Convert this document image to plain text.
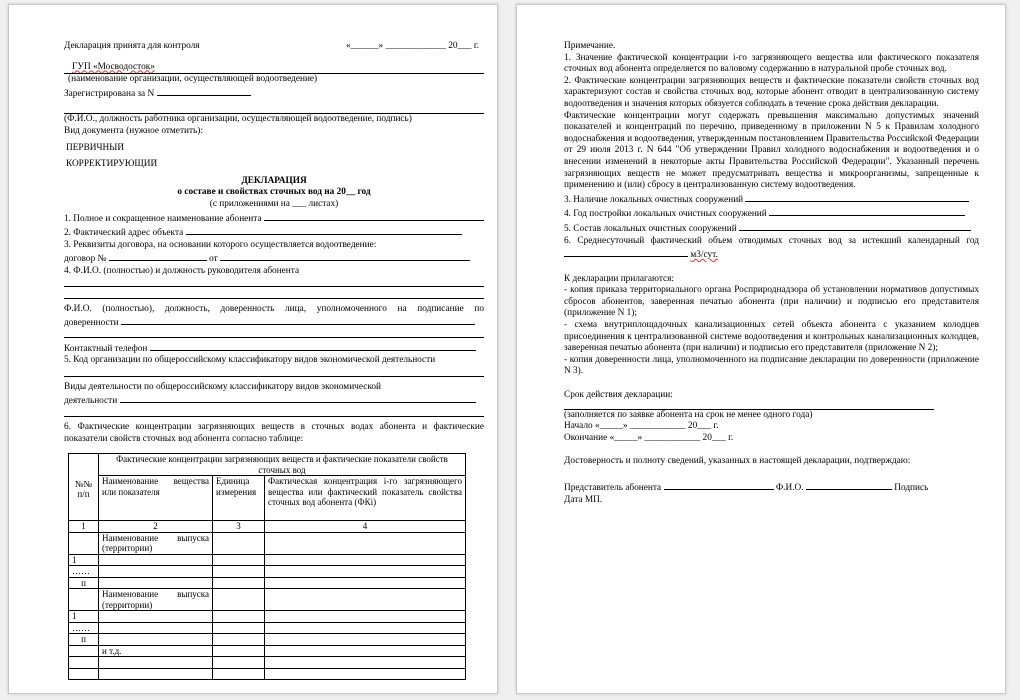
Декларация принята для контроля	«______» _____________ 20___ г.
ГУП «Мосводосток»
(наименование организации, осуществляющей водоотведение)
Зарегистрирована за N
(Ф.И.О., должность работника организации, осуществляющей водоотведение, подпись)
Вид документа (нужное отметить):
ПЕРВИЧНЫЙ
КОРРЕКТИРУЮЩИЙ
ДЕКЛАРАЦИЯ
о составе и свойствах сточных вод на 20__ год
(с приложениями на ___ листах)
1. Полное и сокращенное наименование абонента
2. Фактический адрес объекта
3. Реквизиты договора, на основании которого осуществляется водоотведение:
договор №	от
4. Ф.И.О. (полностью) и должность руководителя абонента
Ф.И.О. (полностью), должность, доверенность лица, уполномоченного на подписание по
доверенности
Контактный телефон
5. Код организации по общероссийскому классификатору видов экономической деятельности
Виды деятельности по общероссийскому классификатору видов экономической
деятельности
6. Фактические концентрации загрязняющих веществ в сточных водах абонента и фактические
показатели свойств сточных вод абонента согласно таблице:
№№ п/п	Фактические концентрации загрязняющих веществ и фактические показатели свойств сточных вод		
	Наименование вещества или показателя	Единица измерения	Фактическая концентрация i-го загрязняющего вещества или фактический показатель свойства сточных вод абонента (ФКi)
1	2	3	4
	Наименование выпуска (территории)		
1			
……			
п			
	Наименование выпуска (территории)		
1			
……			
п			
	и т.д.		

Примечание.
1. Значение фактической концентрации i-го загрязняющего вещества или фактического показателя сточных вод абонента определяется по валовому содержанию в натуральной пробе сточных вод.
2. Фактические концентрации загрязняющих веществ и фактические показатели свойств сточных вод характеризуют состав и свойства сточных вод, которые абонент отводит в централизованную систему водоотведения и значения которых обязуется соблюдать в течение срока действия декларации.
Фактические концентрации могут содержать превышения максимально допустимых значений показателей и концентраций по перечню, приведенному в приложении N 5 к Правилам холодного водоснабжения и водоотведения, утвержденным постановлением Правительства Российской Федерации от 29 июля 2013 г. N 644 "Об утверждении Правил холодного водоснабжения и водоотведения и о внесении изменений в некоторые акты Правительства Российской Федерации". Указанный перечень загрязняющих веществ не может предусматривать вещества и микроорганизмы, запрещенные к применению и (или) сбросу в централизованную систему водоотведения.
3. Наличие локальных очистных сооружений
4. Год постройки локальных очистных сооружений
5. Состав локальных очистных сооружений
6. Среднесуточный фактический объем отводимых сточных вод за истекший календарный год
м3/сут.
К декларации прилагаются:
- копия приказа территориального органа Росприроднадзора об установлении нормативов допустимых сбросов абонентов, заверенная печатью абонента (при наличии) и подписью его представителя (приложение N 1);
- схема внутриплощадочных канализационных сетей объекта абонента с указанием колодцев присоединения к централизованной системе водоотведения и контрольных канализационных колодцев, заверенная печатью абонента (при наличии) и подписью его представителя (приложение N 2);
- копия доверенности лица, уполномоченного на подписание декларации по доверенности (приложение N 3).
Срок действия декларации:
(заполняется по заявке абонента на срок не менее одного года)
Начало «_____» ____________ 20___ г.
Окончание «_____» ____________ 20___ г.
Достоверность и полноту сведений, указанных в настоящей декларации, подтверждаю:
Представитель абонента	Ф.И.О.	Подпись
Дата МП.
